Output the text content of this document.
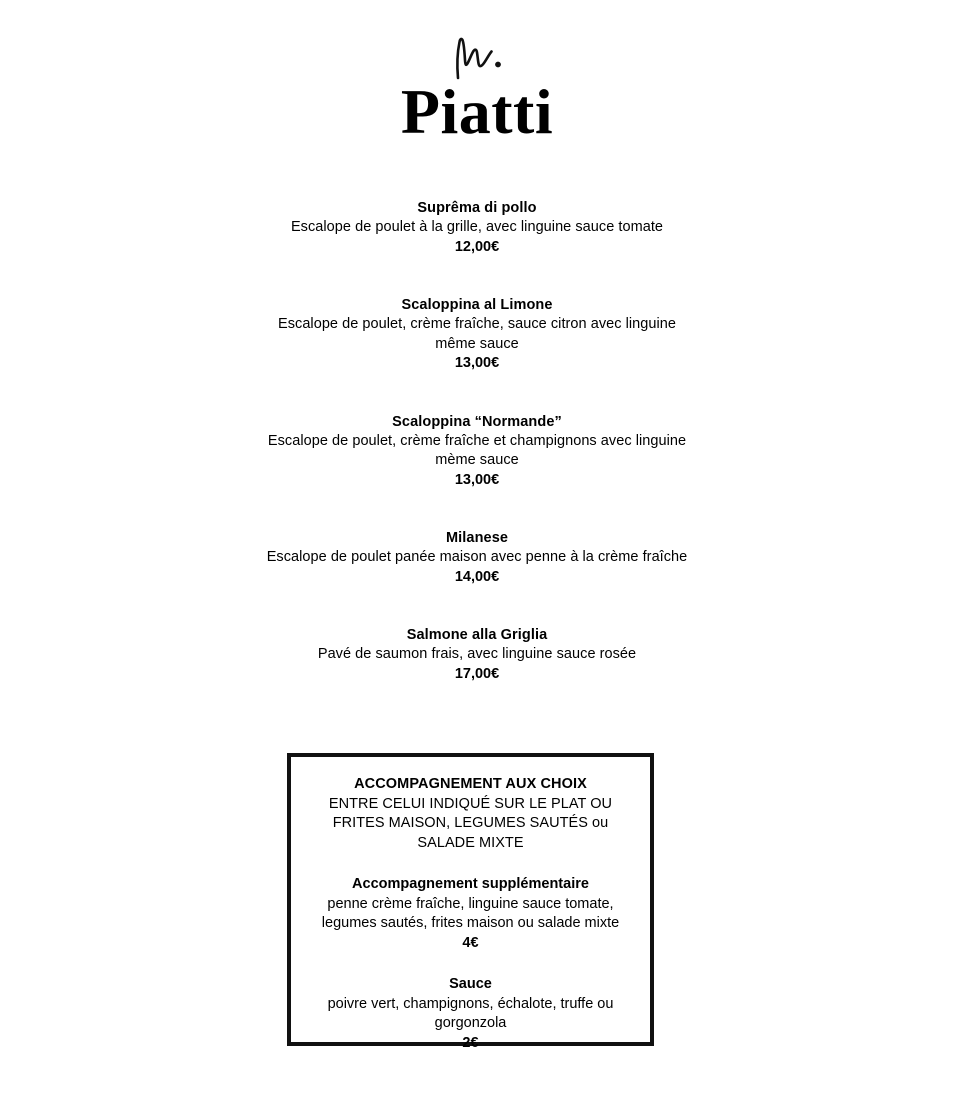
Piatti
Suprêma di pollo
Escalope de poulet à la grille, avec linguine sauce tomate
12,00€
Scaloppina al Limone
Escalope de poulet, crème fraîche, sauce citron avec linguine même sauce
13,00€
Scaloppina “Normande”
Escalope de poulet, crème fraîche et champignons avec linguine mème sauce
13,00€
Milanese
Escalope de poulet panée maison avec penne à la crème fraîche
14,00€
Salmone alla Griglia
Pavé de saumon frais, avec linguine sauce rosée
17,00€
ACCOMPAGNEMENT AUX CHOIX
ENTRE CELUI INDIQUÉ SUR LE PLAT OU
FRITES MAISON, LEGUMES SAUTÉS ou SALADE MIXTE
Accompagnement supplémentaire
penne crème fraîche, linguine sauce tomate, legumes sautés, frites maison ou salade mixte
4€
Sauce
poivre vert, champignons, échalote, truffe ou gorgonzola
2€
